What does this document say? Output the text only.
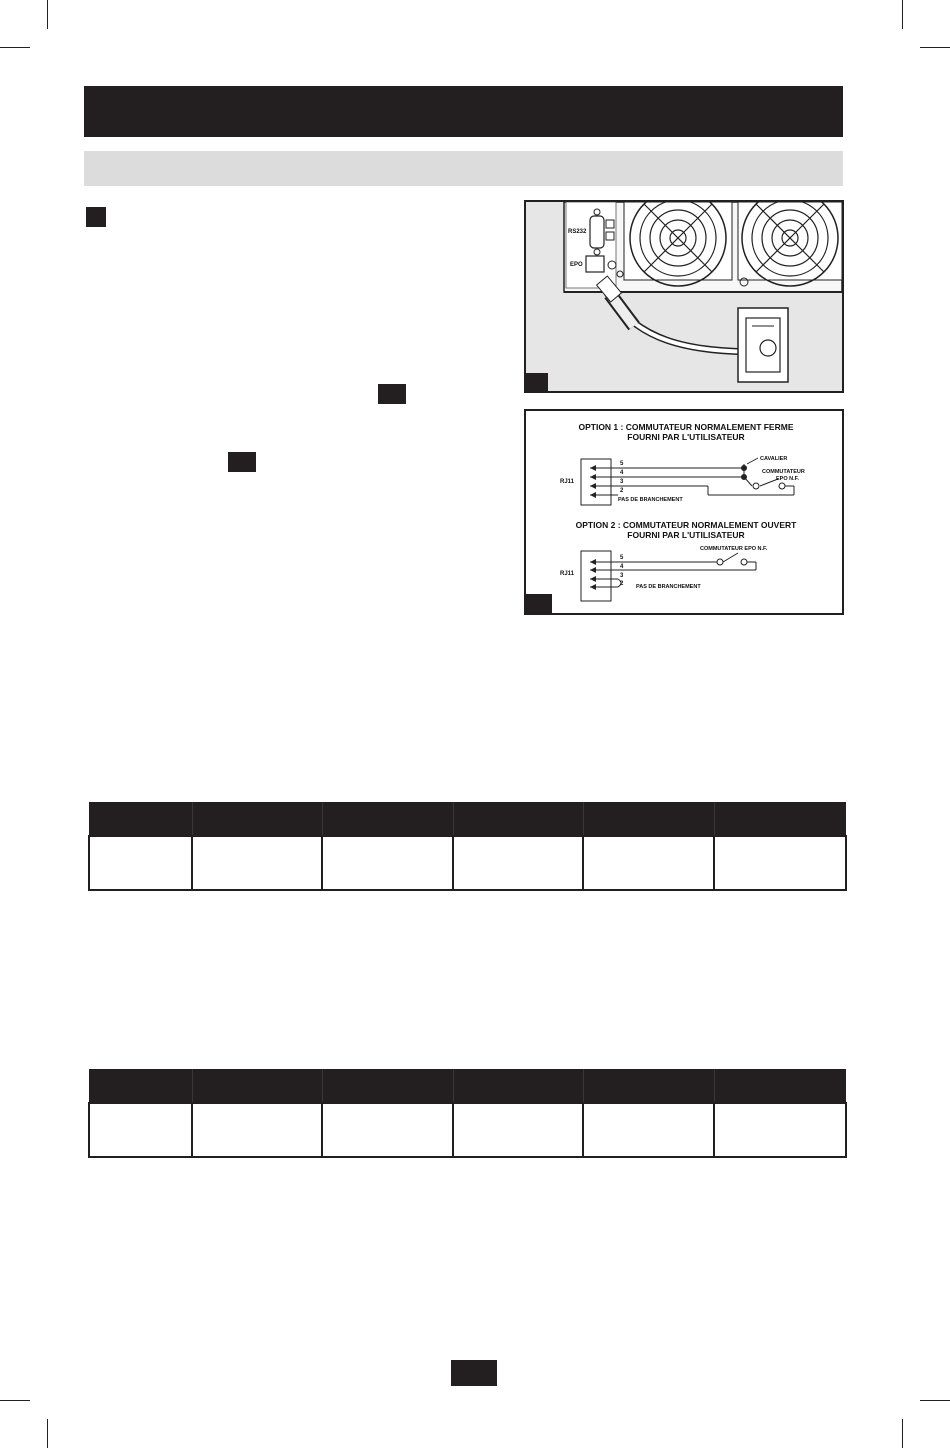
RS232
EPO
OPTION 1 : COMMUTATEUR NORMALEMENT FERME
FOURNI PAR L'UTILISATEUR
RJ11
5
4
3
2
CAVALIER
COMMUTATEUR
EPO N.F.
PAS DE BRANCHEMENT
OPTION 2 : COMMUTATEUR NORMALEMENT OUVERT
FOURNI PAR L'UTILISATEUR
RJ11
5
4
3
2
COMMUTATEUR EPO N.F.
PAS DE BRANCHEMENT
